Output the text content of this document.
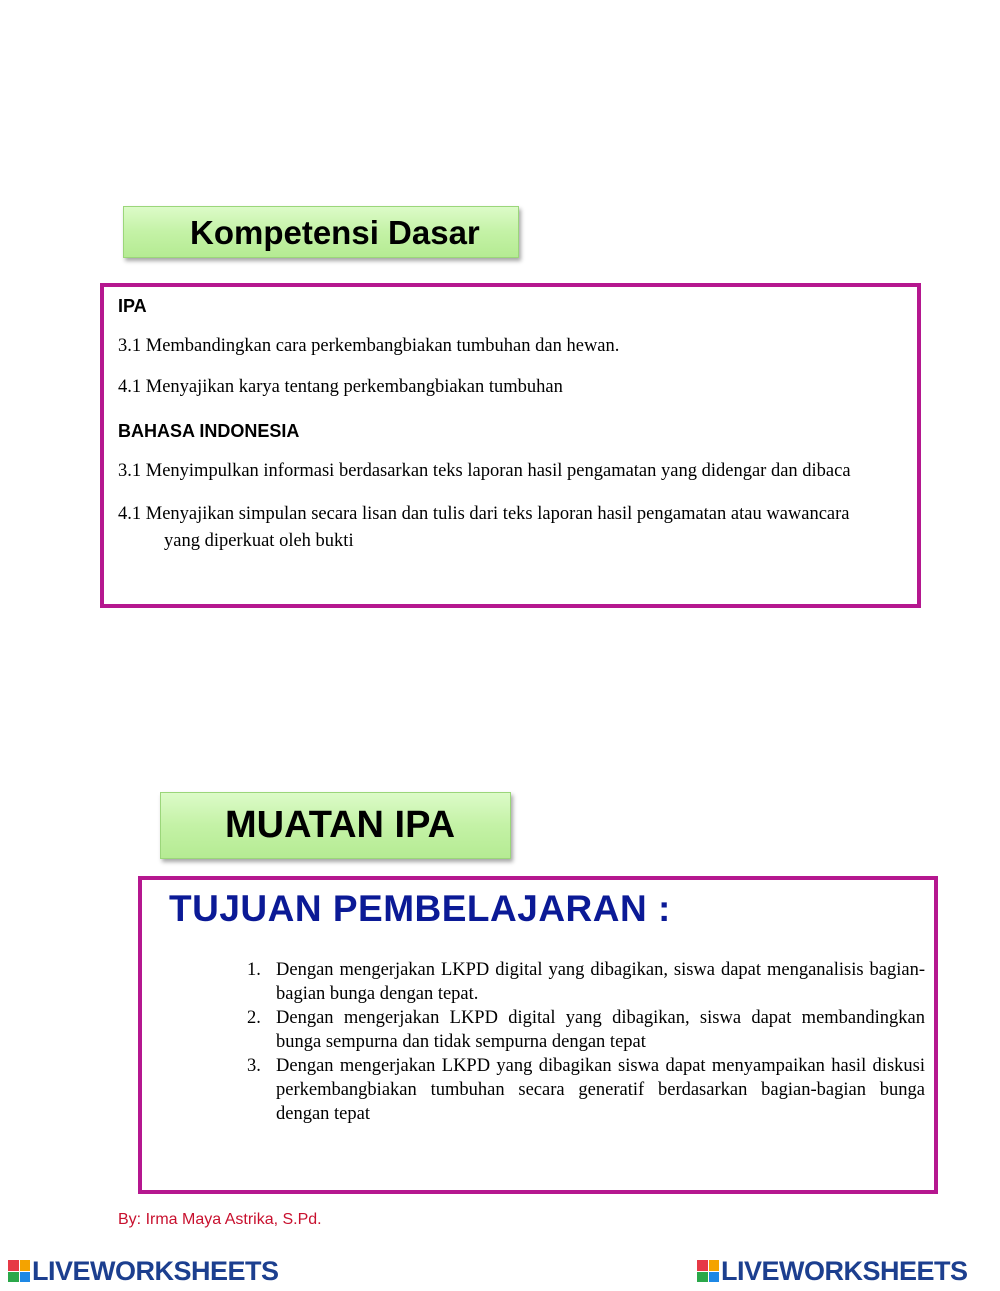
Kompetensi Dasar
IPA
3.1 Membandingkan cara perkembangbiakan tumbuhan dan hewan.
4.1 Menyajikan karya tentang perkembangbiakan tumbuhan
BAHASA INDONESIA
3.1 Menyimpulkan informasi berdasarkan teks laporan hasil pengamatan yang didengar dan dibaca
4.1 Menyajikan simpulan secara lisan dan tulis dari teks laporan hasil pengamatan atau wawancara
yang diperkuat oleh bukti
MUATAN IPA
TUJUAN PEMBELAJARAN :
1. Dengan mengerjakan LKPD digital yang dibagikan, siswa dapat menganalisis bagian- bagian bunga dengan tepat.
2. Dengan mengerjakan LKPD digital yang dibagikan, siswa dapat membandingkan bunga sempurna dan tidak sempurna dengan tepat
3. Dengan mengerjakan LKPD yang dibagikan siswa dapat menyampaikan hasil diskusi perkembangbiakan tumbuhan secara generatif berdasarkan bagian-bagian bunga dengan tepat
By: Irma Maya Astrika, S.Pd.
LIVEWORKSHEETS	LIVEWORKSHEETS
